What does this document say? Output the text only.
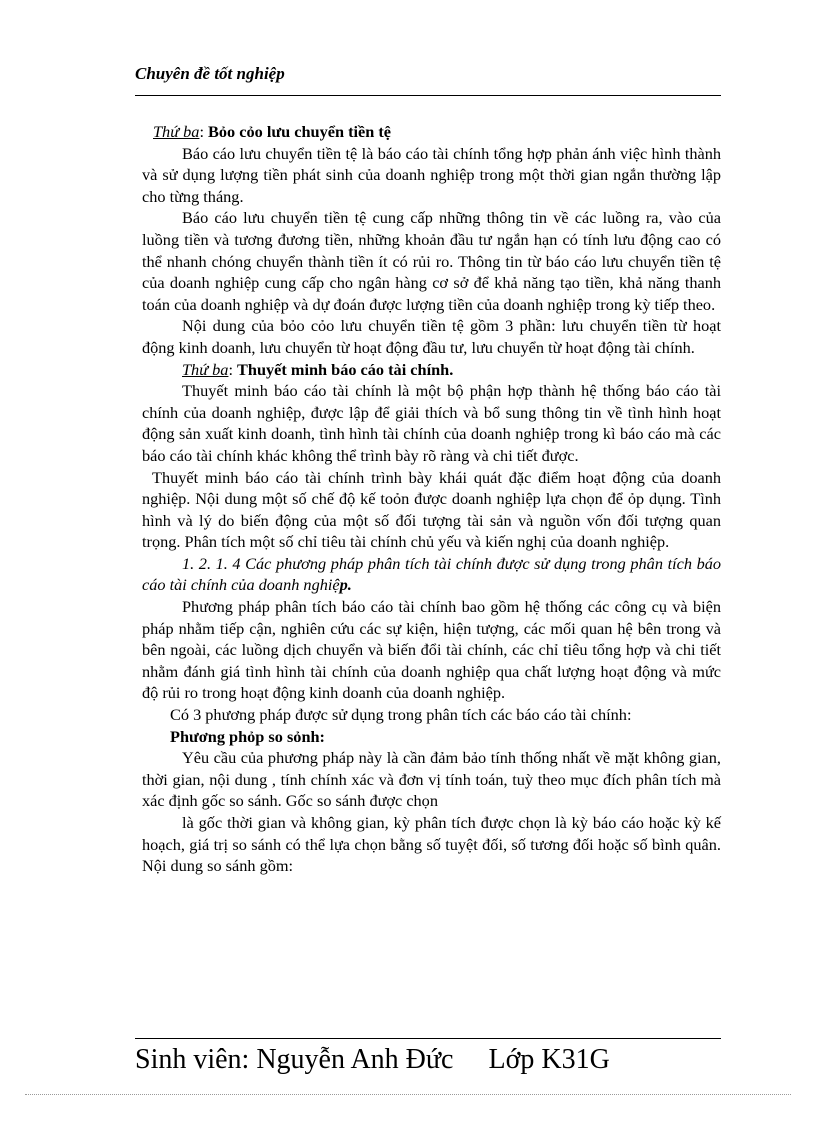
Chuyên đề tốt nghiệp

Thứ ba: Bỏo cỏo lưu chuyển tiền tệ

Báo cáo lưu chuyển tiền tệ là báo cáo tài chính tổng hợp phản ánh việc hình thành và sử dụng lượng tiền phát sinh của doanh nghiệp trong một thời gian ngắn thường lập cho từng tháng.

Báo cáo lưu chuyển tiền tệ cung cấp những thông tin về các luồng ra, vào của luồng tiền và tương đương tiền, những khoản đầu tư ngắn hạn có tính lưu động cao có thể nhanh chóng chuyển thành tiền ít có rủi ro. Thông tin từ báo cáo lưu chuyển tiền tệ của doanh nghiệp cung cấp cho ngân hàng cơ sở để khả năng tạo tiền, khả năng thanh toán của doanh nghiệp và dự đoán được lượng tiền của doanh nghiệp trong kỳ tiếp theo.

Nội dung của bỏo cỏo lưu chuyển tiền tệ gồm 3 phần: lưu chuyển tiền từ hoạt động kinh doanh, lưu chuyển từ hoạt động đầu tư, lưu chuyển từ hoạt động tài chính.

Thứ ba: Thuyết minh báo cáo tài chính.

Thuyết minh báo cáo tài chính là một bộ phận hợp thành hệ thống báo cáo tài chính của doanh nghiệp, được lập để giải thích và bổ sung thông tin về tình hình hoạt động sản xuất kinh doanh, tình hình tài chính của doanh nghiệp trong kì báo cáo mà các báo cáo tài chính khác không thể trình bày rõ ràng và chi tiết được.

Thuyết minh báo cáo tài chính trình bày khái quát đặc điểm hoạt động của doanh nghiệp. Nội dung một số chế độ kế toỏn được doanh nghiệp lựa chọn để ỏp dụng. Tình hình và lý do biến động của một số đối tượng tài sản và nguồn vốn đối tượng quan trọng. Phân tích một số chỉ tiêu tài chính chủ yếu và kiến nghị của doanh nghiệp.

1. 2. 1. 4 Các phương pháp phân tích tài chính được sử dụng trong phân tích báo cáo tài chính của doanh nghiệp.

Phương pháp phân tích báo cáo tài chính bao gồm hệ thống các công cụ và biện pháp nhằm tiếp cận, nghiên cứu các sự kiện, hiện tượng, các mối quan hệ bên trong và bên ngoài, các luồng dịch chuyển và biến đổi tài chính, các chỉ tiêu tổng hợp và chi tiết nhằm đánh giá tình hình tài chính của doanh nghiệp qua chất lượng hoạt động và mức độ rủi ro trong hoạt động kinh doanh của doanh nghiệp.

Có 3 phương pháp được sử dụng trong phân tích các báo cáo tài chính:

Phương phỏp so sỏnh:

Yêu cầu của phương pháp này là cần đảm bảo tính thống nhất về mặt không gian, thời gian, nội dung , tính chính xác và đơn vị tính toán, tuỳ theo mục đích phân tích mà xác định gốc so sánh. Gốc so sánh được chọn

là gốc thời gian và không gian, kỳ phân tích được chọn là kỳ báo cáo hoặc kỳ kế hoạch, giá trị so sánh có thể lựa chọn bằng số tuyệt đối, số tương đối hoặc số bình quân. Nội dung so sánh gồm:

Sinh viên: Nguyễn Anh Đức Lớp K31G
